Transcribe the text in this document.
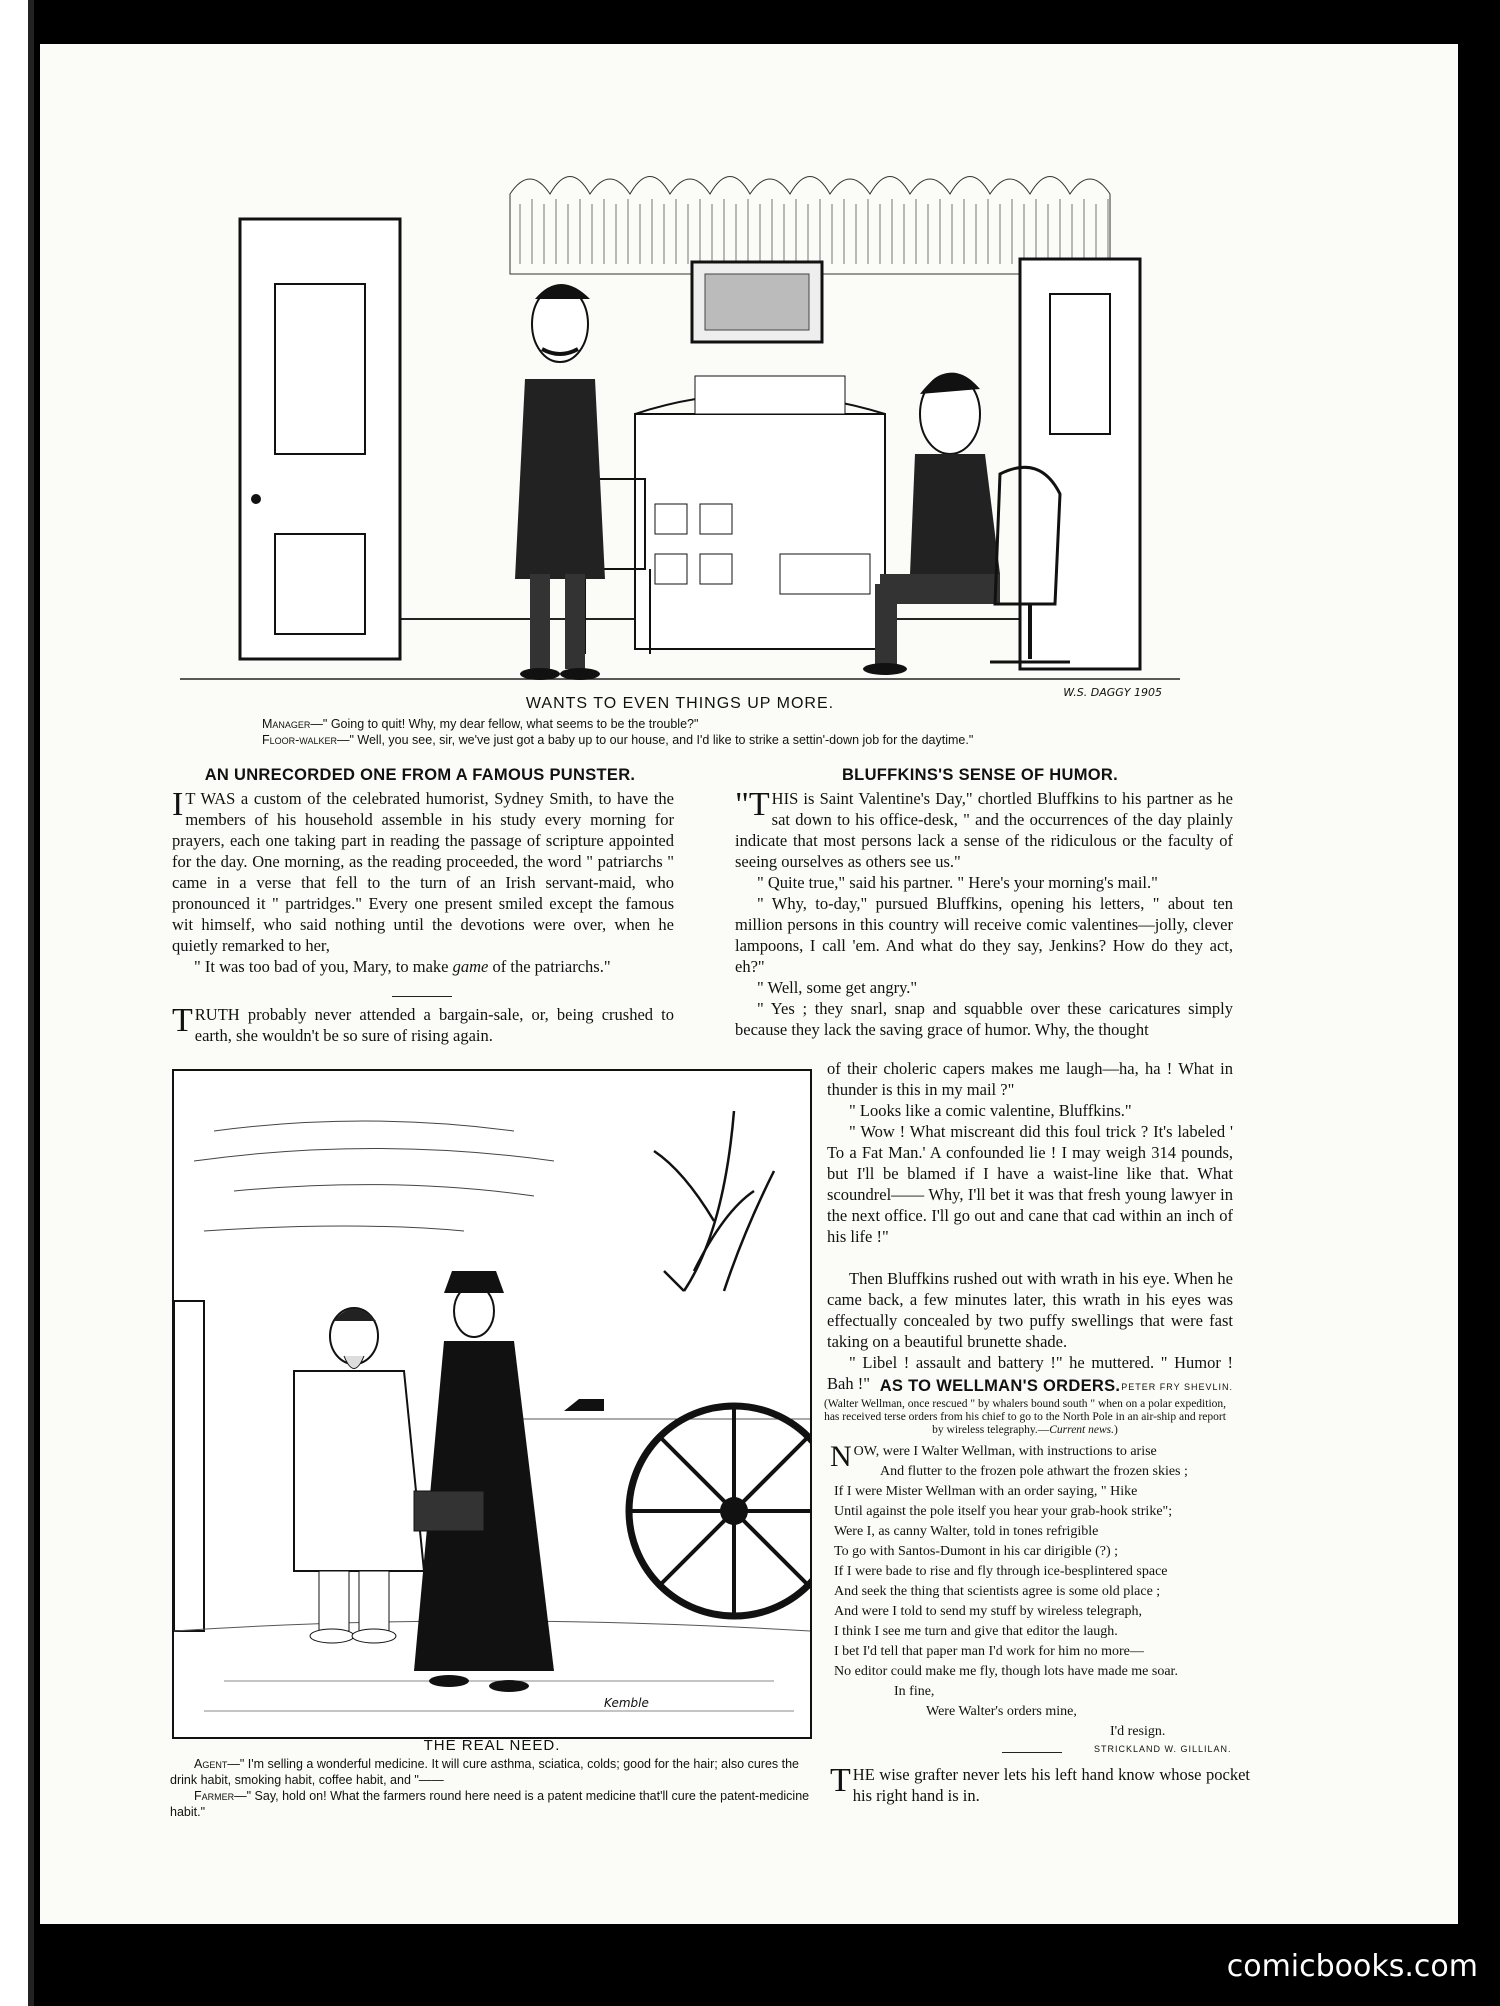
W.S. DAGGY 1905
WANTS TO EVEN THINGS UP MORE.
Manager—" Going to quit! Why, my dear fellow, what seems to be the trouble?"
Floor-walker—" Well, you see, sir, we've just got a baby up to our house, and I'd like to strike a settin'-down job for the daytime."
AN UNRECORDED ONE FROM A FAMOUS PUNSTER.

I T WAS a custom of the celebrated humorist, Sydney Smith, to have the members of his household assemble in his study every morning for prayers, each one taking part in reading the passage of scripture appointed for the day. One morning, as the reading proceeded, the word " patriarchs " came in a verse that fell to the turn of an Irish servant-maid, who pronounced it " partridges." Every one present smiled except the famous wit himself, who said nothing until the devotions were over, when he quietly remarked to her,

" It was too bad of you, Mary, to make game of the patriarchs."

TRUTH probably never attended a bargain-sale, or, being crushed to earth, she wouldn't be so sure of rising again.

Kemble
THE REAL NEED.
Agent—" I'm selling a wonderful medicine. It will cure asthma, sciatica, colds; good for the hair; also cures the drink habit, smoking habit, coffee habit, and "——
Farmer—" Say, hold on! What the farmers round here need is a patent medicine that'll cure the patent-medicine habit."
BLUFFKINS'S SENSE OF HUMOR.

"THIS is Saint Valentine's Day," chortled Bluffkins to his partner as he sat down to his office-desk, " and the occurrences of the day plainly indicate that most persons lack a sense of the ridiculous or the faculty of seeing ourselves as others see us."

" Quite true," said his partner. " Here's your morning's mail."

" Why, to-day," pursued Bluffkins, opening his letters, " about ten million persons in this country will receive comic valentines—jolly, clever lampoons, I call 'em. And what do they say, Jenkins? How do they act, eh?"

" Well, some get angry."

" Yes ; they snarl, snap and squabble over these caricatures simply because they lack the saving grace of humor. Why, the thought

of their choleric capers makes me laugh—ha, ha ! What in thunder is this in my mail ?"

" Looks like a comic valentine, Bluffkins."

" Wow ! What miscreant did this foul trick ? It's labeled ' To a Fat Man.' A confounded lie ! I may weigh 314 pounds, but I'll be blamed if I have a waist-line like that. What scoundrel—— Why, I'll bet it was that fresh young lawyer in the next office. I'll go out and cane that cad within an inch of his life !"

Then Bluffkins rushed out with wrath in his eye. When he came back, a few minutes later, this wrath in his eyes was effectually concealed by two puffy swellings that were fast taking on a beautiful brunette shade.

" Libel ! assault and battery !" he muttered. " Humor ! Bah !"	PETER FRY SHEVLIN.

AS TO WELLMAN'S ORDERS.
(Walter Wellman, once rescued " by whalers bound south " when on a polar expedition, has received terse orders from his chief to go to the North Pole in an air-ship and report by wireless telegraphy.—Current news.)
NOW, were I Walter Wellman, with instructions to arise
And flutter to the frozen pole athwart the frozen skies ;
If I were Mister Wellman with an order saying, " Hike
Until against the pole itself you hear your grab-hook strike";
Were I, as canny Walter, told in tones refrigible
To go with Santos-Dumont in his car dirigible (?) ;
If I were bade to rise and fly through ice-besplintered space
And seek the thing that scientists agree is some old place ;
And were I told to send my stuff by wireless telegraph,
I think I see me turn and give that editor the laugh.
I bet I'd tell that paper man I'd work for him no more—
No editor could make me fly, though lots have made me soar.
In fine,
Were Walter's orders mine,
I'd resign.
STRICKLAND W. GILLILAN.

THE wise grafter never lets his left hand know whose pocket his right hand is in.

comicbooks.com
